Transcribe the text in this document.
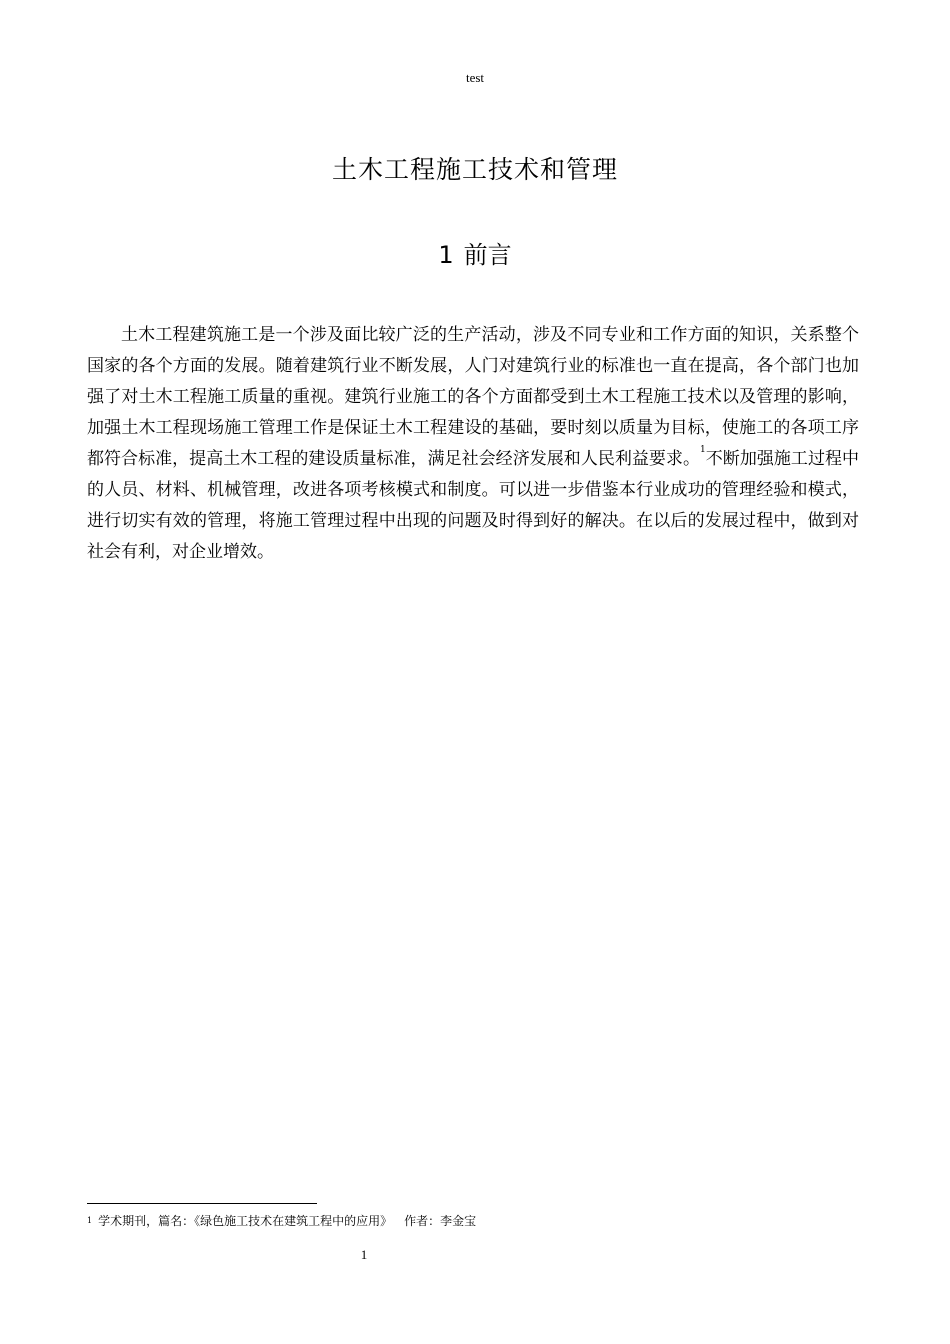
test
土木工程施工技术和管理
1 前言

土木工程建筑施工是一个涉及面比较广泛的生产活动，涉及不同专业和工作方面的知识，关系整个国家的各个方面的发展。随着建筑行业不断发展，人门对建筑行业的标准也一直在提高，各个部门也加强了对土木工程施工质量的重视。建筑行业施工的各个方面都受到土木工程施工技术以及管理的影响，加强土木工程现场施工管理工作是保证土木工程建设的基础，要时刻以质量为目标，使施工的各项工序都符合标准，提高土木工程的建设质量标准，满足社会经济发展和人民利益要求。$^1$不断加强施工过程中的人员、材料、机械管理，改进各项考核模式和制度。可以进一步借鉴本行业成功的管理经验和模式，进行切实有效的管理，将施工管理过程中出现的问题及时得到好的解决。在以后的发展过程中，做到对社会有利，对企业增效。

$^1$ 学术期刊，篇名：《绿色施工技术在建筑工程中的应用》 作者：李金宝
1
